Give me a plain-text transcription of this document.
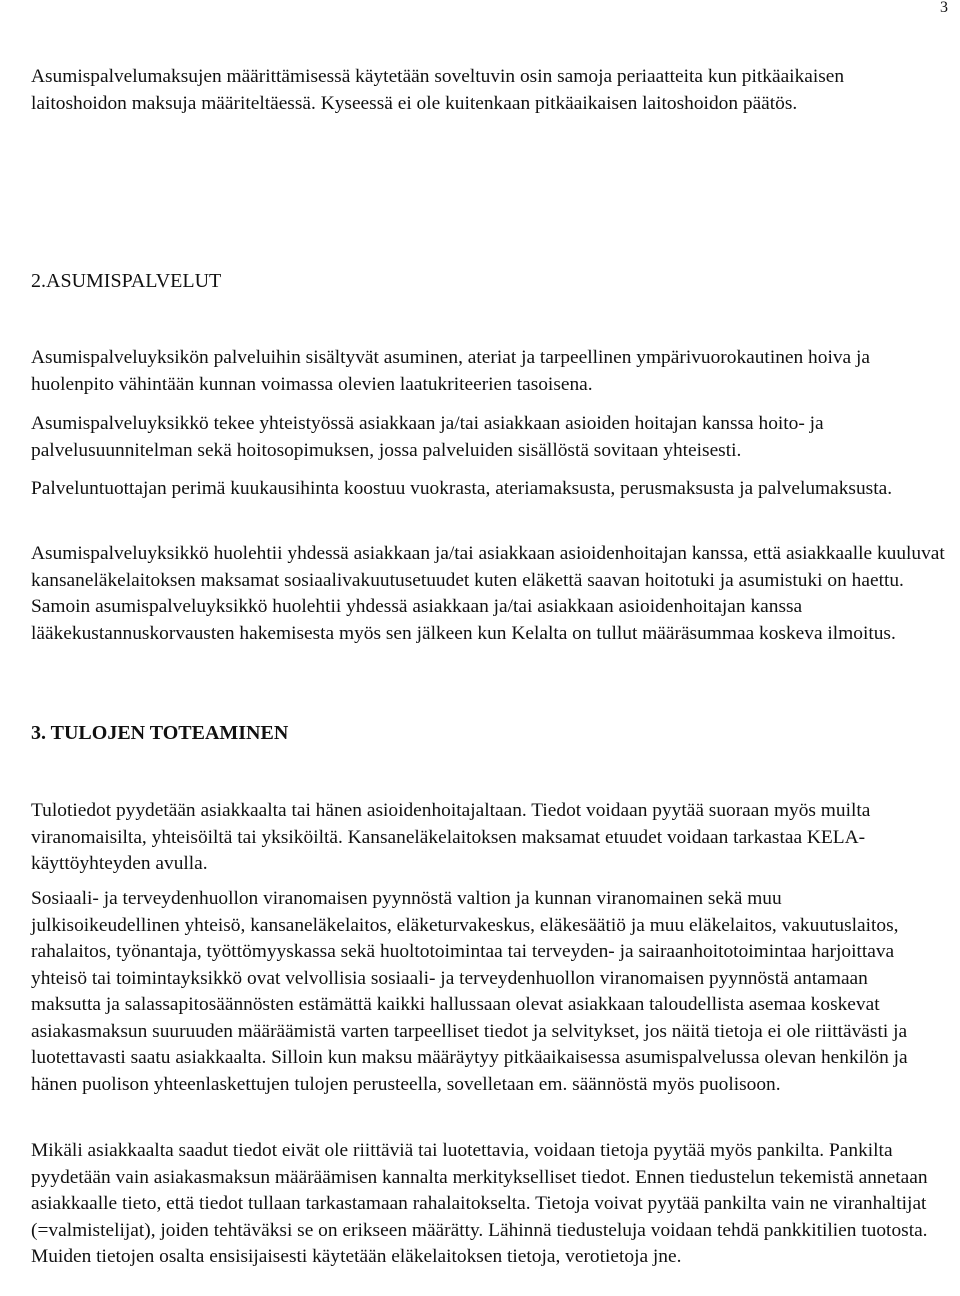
3

Asumispalvelumaksujen määrittämisessä käytetään soveltuvin osin samoja periaatteita kun pitkäaikaisen laitoshoidon maksuja määriteltäessä. Kyseessä ei ole kuitenkaan pitkäaikaisen laitoshoidon päätös.

2.ASUMISPALVELUT

Asumispalveluyksikön palveluihin sisältyvät asuminen, ateriat ja tarpeellinen ympärivuorokautinen hoiva ja huolenpito vähintään kunnan voimassa olevien laatukriteerien tasoisena.

Asumispalveluyksikkö tekee yhteistyössä asiakkaan ja/tai asiakkaan asioiden hoitajan kanssa hoito- ja palvelusuunnitelman sekä hoitosopimuksen, jossa palveluiden sisällöstä sovitaan yhteisesti.

Palveluntuottajan perimä kuukausihinta koostuu vuokrasta, ateriamaksusta, perusmaksusta ja palvelumaksusta.

Asumispalveluyksikkö huolehtii yhdessä asiakkaan ja/tai asiakkaan asioidenhoitajan kanssa, että asiakkaalle kuuluvat kansaneläkelaitoksen maksamat sosiaalivakuutusetuudet kuten eläkettä saavan hoitotuki ja asumistuki on haettu. Samoin asumispalveluyksikkö huolehtii yhdessä asiakkaan ja/tai asiakkaan asioidenhoitajan kanssa lääkekustannuskorvausten hakemisesta myös sen jälkeen kun Kelalta on tullut määräsummaa koskeva ilmoitus.

3. TULOJEN TOTEAMINEN

Tulotiedot pyydetään asiakkaalta tai hänen asioidenhoitajaltaan. Tiedot voidaan pyytää suoraan myös muilta viranomaisilta, yhteisöiltä tai yksiköiltä. Kansaneläkelaitoksen maksamat etuudet voidaan tarkastaa KELA-käyttöyhteyden avulla.

Sosiaali- ja terveydenhuollon viranomaisen pyynnöstä valtion ja kunnan viranomainen sekä muu julkisoikeudellinen yhteisö, kansaneläkelaitos, eläketurvakeskus, eläkesäätiö ja muu eläkelaitos, vakuutuslaitos, rahalaitos, työnantaja, työttömyyskassa sekä huoltotoimintaa tai terveyden- ja sairaanhoitotoimintaa harjoittava yhteisö tai toimintayksikkö ovat velvollisia sosiaali- ja terveydenhuollon viranomaisen pyynnöstä antamaan maksutta ja salassapitosäännösten estämättä kaikki hallussaan olevat asiakkaan taloudellista asemaa koskevat asiakasmaksun suuruuden määräämistä varten tarpeelliset tiedot ja selvitykset, jos näitä tietoja ei ole riittävästi ja luotettavasti saatu asiakkaalta. Silloin kun maksu määräytyy pitkäaikaisessa asumispalvelussa olevan henkilön ja hänen puolison yhteenlaskettujen tulojen perusteella, sovelletaan em. säännöstä myös puolisoon.

Mikäli asiakkaalta saadut tiedot eivät ole riittäviä tai luotettavia, voidaan tietoja pyytää myös pankilta. Pankilta pyydetään vain asiakasmaksun määräämisen kannalta merkitykselliset tiedot. Ennen tiedustelun tekemistä annetaan asiakkaalle tieto, että tiedot tullaan tarkastamaan rahalaitokselta. Tietoja voivat pyytää pankilta vain ne viranhaltijat (=valmistelijat), joiden tehtäväksi se on erikseen määrätty. Lähinnä tiedusteluja voidaan tehdä pankkitilien tuotosta. Muiden tietojen osalta ensisijaisesti käytetään eläkelaitoksen tietoja, verotietoja jne.
